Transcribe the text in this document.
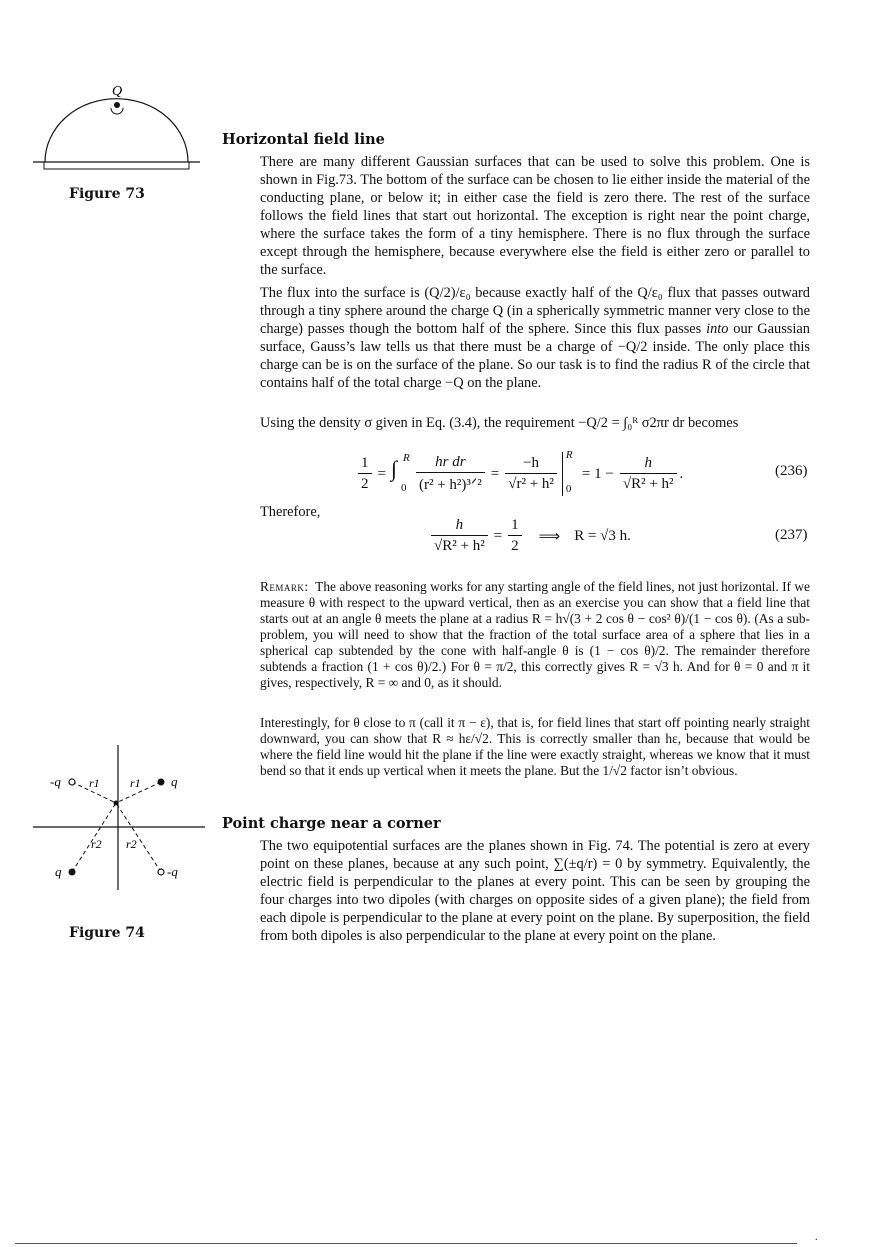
Q
Figure 73
Horizontal field line

There are many different Gaussian surfaces that can be used to solve this problem. One is shown in Fig.73. The bottom of the surface can be chosen to lie either inside the material of the conducting plane, or below it; in either case the field is zero there. The rest of the surface follows the field lines that start out horizontal. The exception is right near the point charge, where the surface takes the form of a tiny hemisphere. There is no flux through the surface except through the hemisphere, because everywhere else the field is either zero or parallel to the surface.

The flux into the surface is (Q/2)/ε₀ because exactly half of the Q/ε₀ flux that passes outward through a tiny sphere around the charge Q (in a spherically symmetric manner very close to the charge) passes though the bottom half of the sphere. Since this flux passes into our Gaussian surface, Gauss’s law tells us that there must be a charge of −Q/2 inside. The only place this charge can be is on the surface of the plane. So our task is to find the radius R of the circle that contains half of the total charge −Q on the plane.

Using the density σ given in Eq. (3.4), the requirement −Q/2 = ∫₀ᴿ σ2πr dr becomes

$\frac{1}{2}$ = ∫ R
$0 \frac{\text{hr dr}}{\text{(r² + h²)³ᐟ²}} = \frac{-h}{\text{√r² + h²}}$ R
0
= $1 - \frac{h}{\text{√R² + h²}}$ .	(236)
Therefore,
$\frac{h}{\text{√R² + h²}} = \frac{1}{2}$ ⟹ R = √3 h.	(237)

Remark: The above reasoning works for any starting angle of the field lines, not just horizontal. If we measure θ with respect to the upward vertical, then as an exercise you can show that a field line that starts out at an angle θ meets the plane at a radius R = h√(3 + 2 cos θ − cos² θ)/(1 − cos θ). (As a sub-problem, you will need to show that the fraction of the total surface area of a sphere that lies in a spherical cap subtended by the cone with half-angle θ is (1 − cos θ)/2. The remainder therefore subtends a fraction (1 + cos θ)/2.) For θ = π/2, this correctly gives R = √3 h. And for θ = 0 and π it gives, respectively, R = ∞ and 0, as it should.

Interestingly, for θ close to π (call it π − ε), that is, for field lines that start off pointing nearly straight downward, you can show that R ≈ hε/√2. This is correctly smaller than hε, because that would be where the field line would hit the plane if the line were exactly straight, whereas we know that it must bend so that it ends up vertical when it meets the plane. But the 1/√2 factor isn’t obvious.

-q	q
q	-q
r1	r1
r2 r2
Figure 74
Point charge near a corner

The two equipotential surfaces are the planes shown in Fig. 74. The potential is zero at every point on these planes, because at any such point, ∑(±q/r) = 0 by symmetry. Equivalently, the electric field is perpendicular to the planes at every point. This can be seen by grouping the four charges into two dipoles (with charges on opposite sides of a given plane); the field from each dipole is perpendicular to the plane at every point on the plane. By superposition, the field from both dipoles is also perpendicular to the plane at every point on the plane.

.
